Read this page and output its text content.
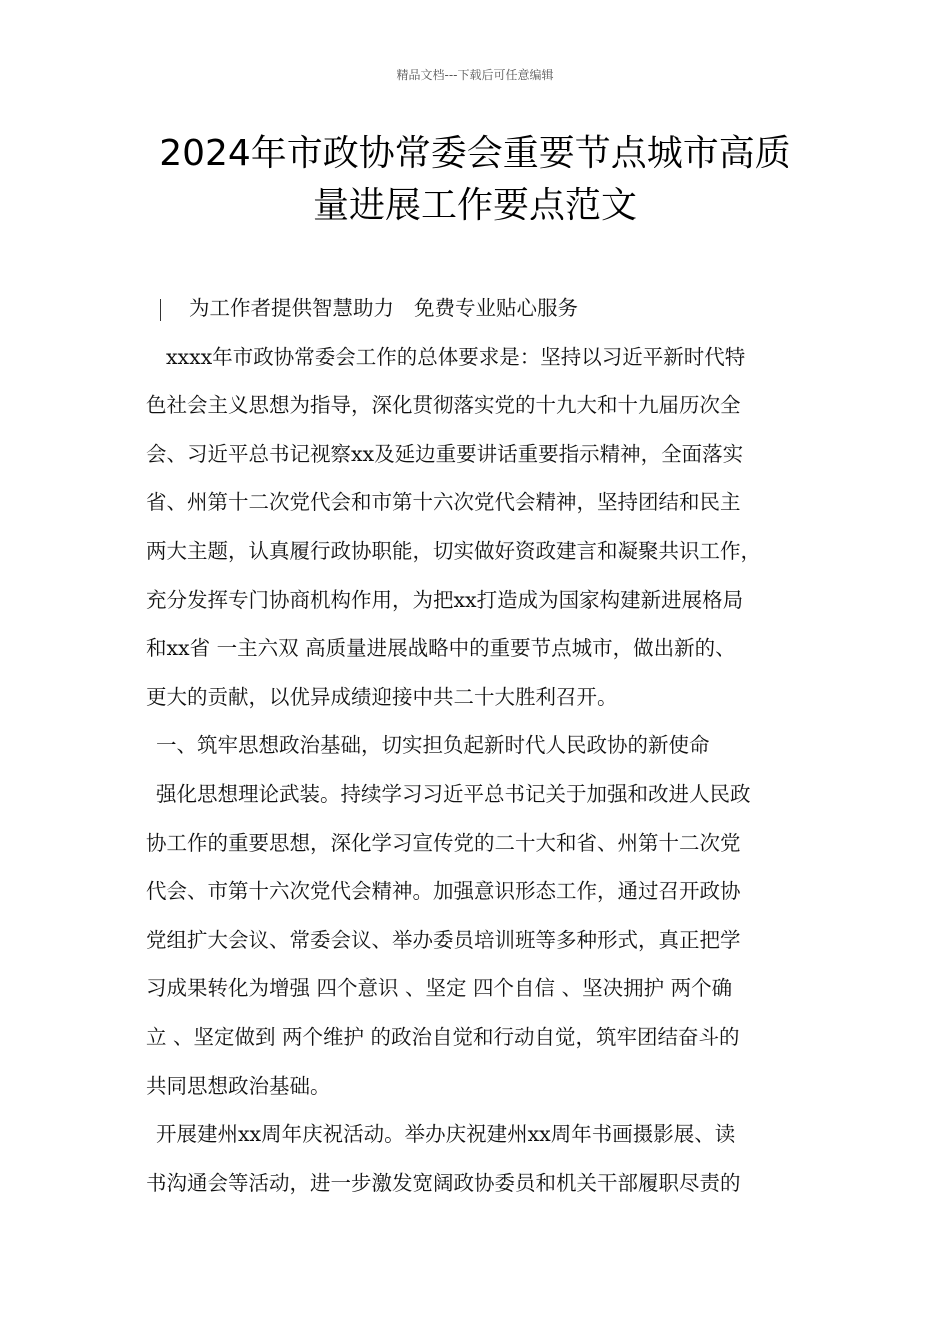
精品文档---下载后可任意编辑
2024年市政协常委会重要节点城市高质
量进展工作要点范文
为工作者提供智慧助力 免费专业贴心服务
xxxx年市政协常委会工作的总体要求是：坚持以习近平新时代特
色社会主义思想为指导，深化贯彻落实党的十九大和十九届历次全
会、习近平总书记视察xx及延边重要讲话重要指示精神，全面落实
省、州第十二次党代会和市第十六次党代会精神，坚持团结和民主
两大主题，认真履行政协职能，切实做好资政建言和凝聚共识工作，
充分发挥专门协商机构作用，为把xx打造成为国家构建新进展格局
和xx省 一主六双 高质量进展战略中的重要节点城市，做出新的、
更大的贡献，以优异成绩迎接中共二十大胜利召开。
一、筑牢思想政治基础，切实担负起新时代人民政协的新使命
强化思想理论武装。持续学习习近平总书记关于加强和改进人民政
协工作的重要思想，深化学习宣传党的二十大和省、州第十二次党
代会、市第十六次党代会精神。加强意识形态工作，通过召开政协
党组扩大会议、常委会议、举办委员培训班等多种形式，真正把学
习成果转化为增强 四个意识 、坚定 四个自信 、坚决拥护 两个确
立 、坚定做到 两个维护 的政治自觉和行动自觉，筑牢团结奋斗的
共同思想政治基础。
开展建州xx周年庆祝活动。举办庆祝建州xx周年书画摄影展、读
书沟通会等活动，进一步激发宽阔政协委员和机关干部履职尽责的
